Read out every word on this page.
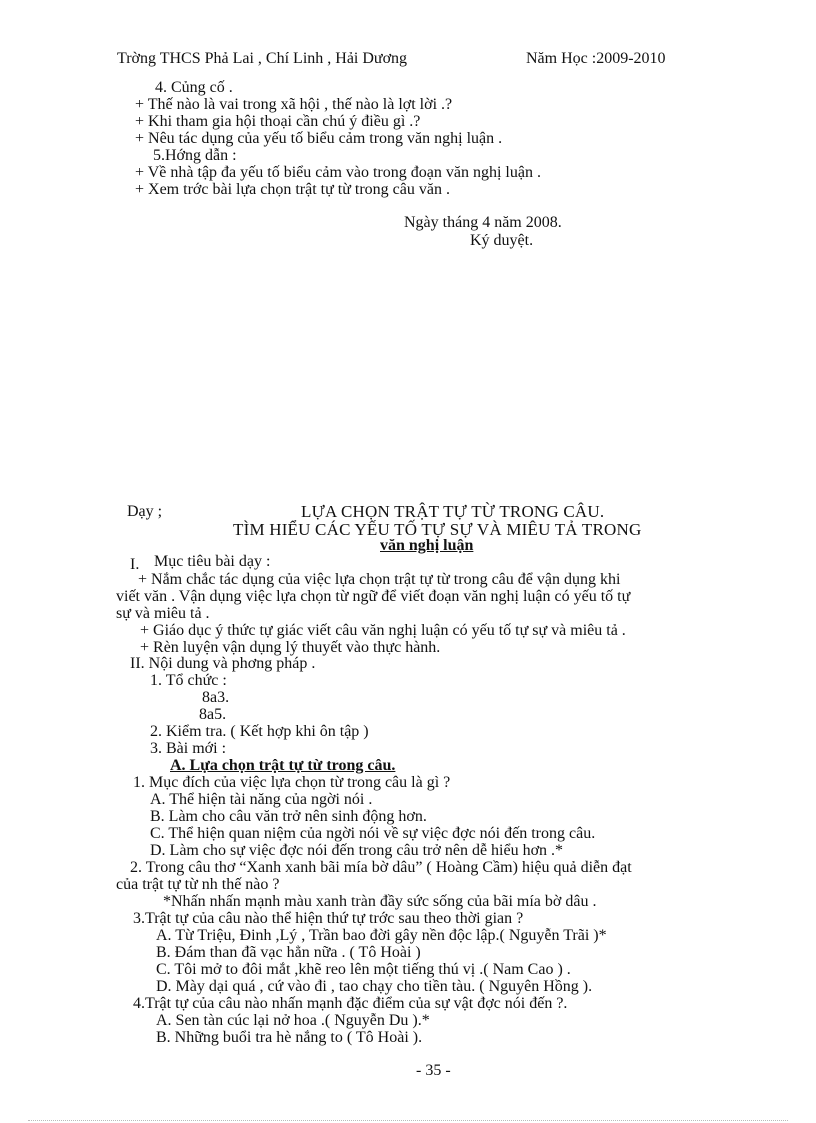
Trờng THCS Phả Lai , Chí Linh , Hải Dương	Năm Học :2009-2010
4. Củng cố .
+ Thế nào là vai trong xã hội , thế nào là lợt lời .?
+ Khi tham gia hội thoại cần chú ý điều gì .?
+ Nêu tác dụng của yếu tố biểu cảm trong văn nghị luận .
5.Hớng dẫn :
+ Về nhà tập đa yếu tố biểu cảm vào trong đoạn văn nghị luận .
+ Xem trớc bài lựa chọn trật tự từ trong câu văn .
Ngày tháng 4 năm 2008.
Ký duyệt.
Dạy ;	LỰA CHỌN TRẬT TỰ TỪ TRONG CÂU.
TÌM HIỂU CÁC YẾU TỐ TỰ SỰ VÀ MIÊU TẢ TRONG
văn nghị luận
I. Mục tiêu bài dạy :
+ Nắm chắc tác dụng của việc lựa chọn trật tự từ trong câu để vận dụng khi
viết văn . Vận dụng việc lựa chọn từ ngữ để viết đoạn văn nghị luận có yếu tố tự
sự và miêu tả .
+ Giáo dục ý thức tự giác viết câu văn nghị luận có yếu tố tự sự và miêu tả .
+ Rèn luyện vận dụng lý thuyết vào thực hành.
II. Nội dung và phơng pháp .
1. Tổ chức :
8a3.
8a5.
2. Kiểm tra. ( Kết hợp khi ôn tập )
3. Bài mới :
A. Lựa chọn trật tự từ trong câu.
1. Mục đích của việc lựa chọn từ trong câu là gì ?
A. Thể hiện tài năng của ngời nói .
B. Làm cho câu văn trở nên sinh động hơn.
C. Thể hiện quan niệm của ngời nói về sự việc đợc nói đến trong câu.
D. Làm cho sự việc đợc nói đến trong câu trở nên dễ hiểu hơn .*
2. Trong câu thơ “Xanh xanh bãi mía bờ dâu” ( Hoàng Cầm) hiệu quả diễn đạt
của trật tự từ nh thế nào ?
*Nhấn nhấn mạnh màu xanh tràn đầy sức sống của bãi mía bờ dâu .
3.Trật tự của câu nào thể hiện thứ tự trớc sau theo thời gian ?
A. Từ Triệu, Đinh ,Lý , Trần bao đời gây nền độc lập.( Nguyễn Trãi )*
B. Đám than đã vạc hẳn nữa . ( Tô Hoài )
C. Tôi mở to đôi mắt ,khẽ reo lên một tiếng thú vị .( Nam Cao ) .
D. Mày dại quá , cứ vào đi , tao chạy cho tiền tàu. ( Nguyên Hồng ).
4.Trật tự của câu nào nhấn mạnh đặc điểm của sự vật đợc nói đến ?.
A. Sen tàn cúc lại nở hoa .( Nguyễn Du ).*
B. Những buổi tra hè nắng to ( Tô Hoài ).
- 35 -
